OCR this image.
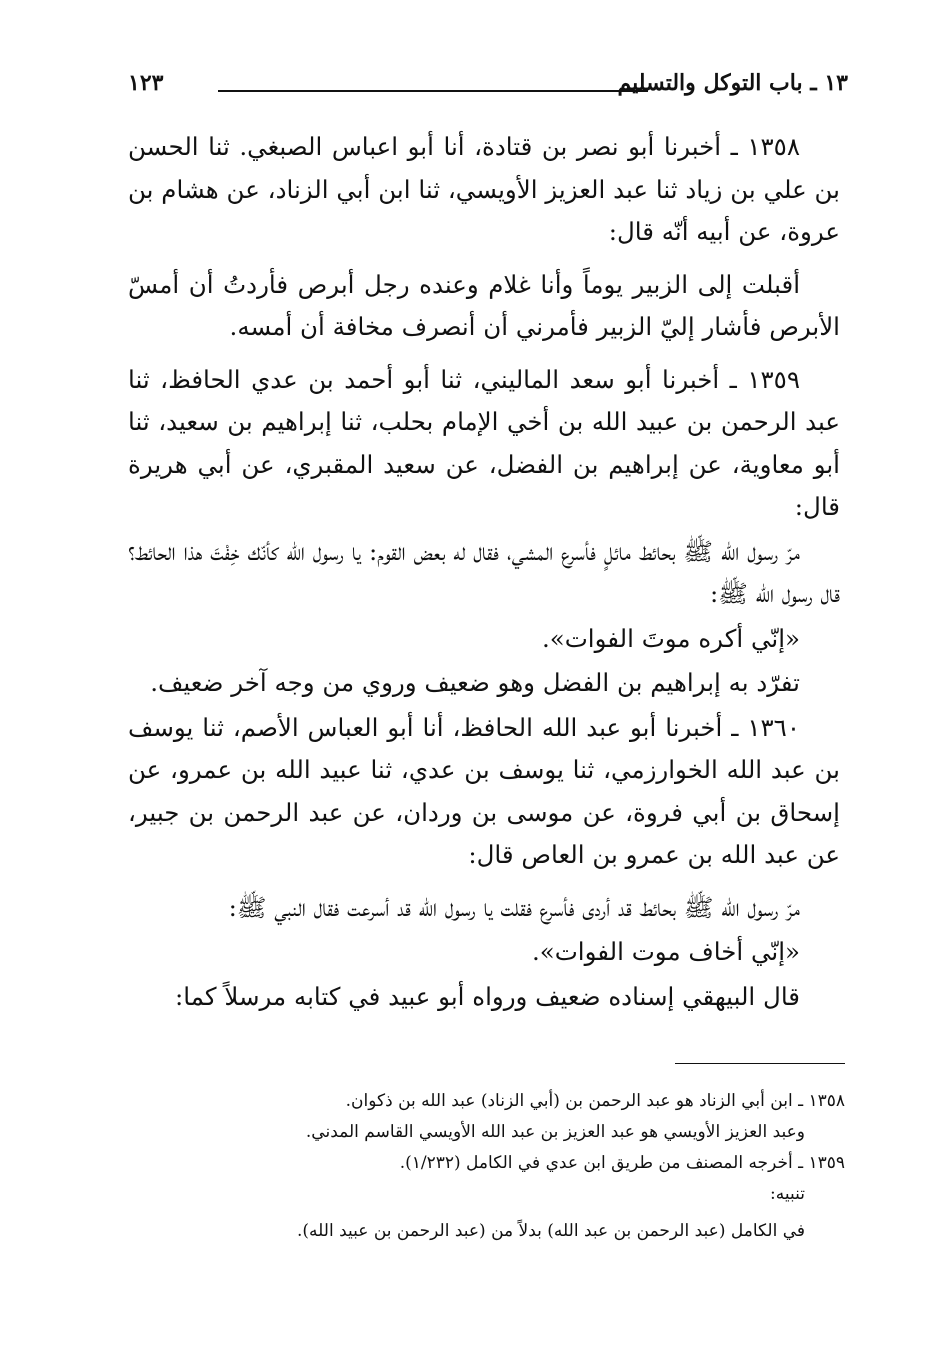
١٣ ـ باب التوكل والتسليم
١٢٣

١٣٥٨ ـ أخبرنا أبو نصر بن قتادة، أنا أبو اعباس الصبغي. ثنا الحسن بن علي بن زياد ثنا عبد العزيز الأويسي، ثنا ابن أبي الزناد، عن هشام بن عروة، عن أبيه أنّه قال:

أقبلت إلى الزبير يوماً وأنا غلام وعنده رجل أبرص فأردتُ أن أمسّ الأبرص فأشار إليّ الزبير فأمرني أن أنصرف مخافة أن أمسه.

١٣٥٩ ـ أخبرنا أبو سعد الماليني، ثنا أبو أحمد بن عدي الحافظ، ثنا عبد الرحمن بن عبيد الله بن أخي الإمام بحلب، ثنا إبراهيم بن سعيد، ثنا أبو معاوية، عن إبراهيم بن الفضل، عن سعيد المقبري، عن أبي هريرة قال:

مرّ رسول الله ﷺ بحائط مائلٍ فأسرع المشي، فقال له بعض القوم: يا رسول الله كأنّك خِفْتَ هذا الحائط؟ قال رسول الله ﷺ:

«إنّي أكره موتَ الفوات».

تفرّد به إبراهيم بن الفضل وهو ضعيف وروي من وجه آخر ضعيف.

١٣٦٠ ـ أخبرنا أبو عبد الله الحافظ، أنا أبو العباس الأصم، ثنا يوسف بن عبد الله الخوارزمي، ثنا يوسف بن عدي، ثنا عبيد الله بن عمرو، عن إسحاق بن أبي فروة، عن موسى بن وردان، عن عبد الرحمن بن جبير، عن عبد الله بن عمرو بن العاص قال:

مرّ رسول الله ﷺ بحائط قد أردى فأسرع فقلت يا رسول الله قد أسرعت فقال النبي ﷺ:

«إنّي أخاف موت الفوات».

قال البيهقي إسناده ضعيف ورواه أبو عبيد في كتابه مرسلاً كما:

١٣٥٨ ـ ابن أبي الزناد هو عبد الرحمن بن (أبي الزناد) عبد الله بن ذكوان.
وعبد العزيز الأويسي هو عبد العزيز بن عبد الله الأويسي القاسم المدني.
١٣٥٩ ـ أخرجه المصنف من طريق ابن عدي في الكامل (١/٢٣٢).
تنبيه:
في الكامل (عبد الرحمن بن عبد الله) بدلاً من (عبد الرحمن بن عبيد الله).
